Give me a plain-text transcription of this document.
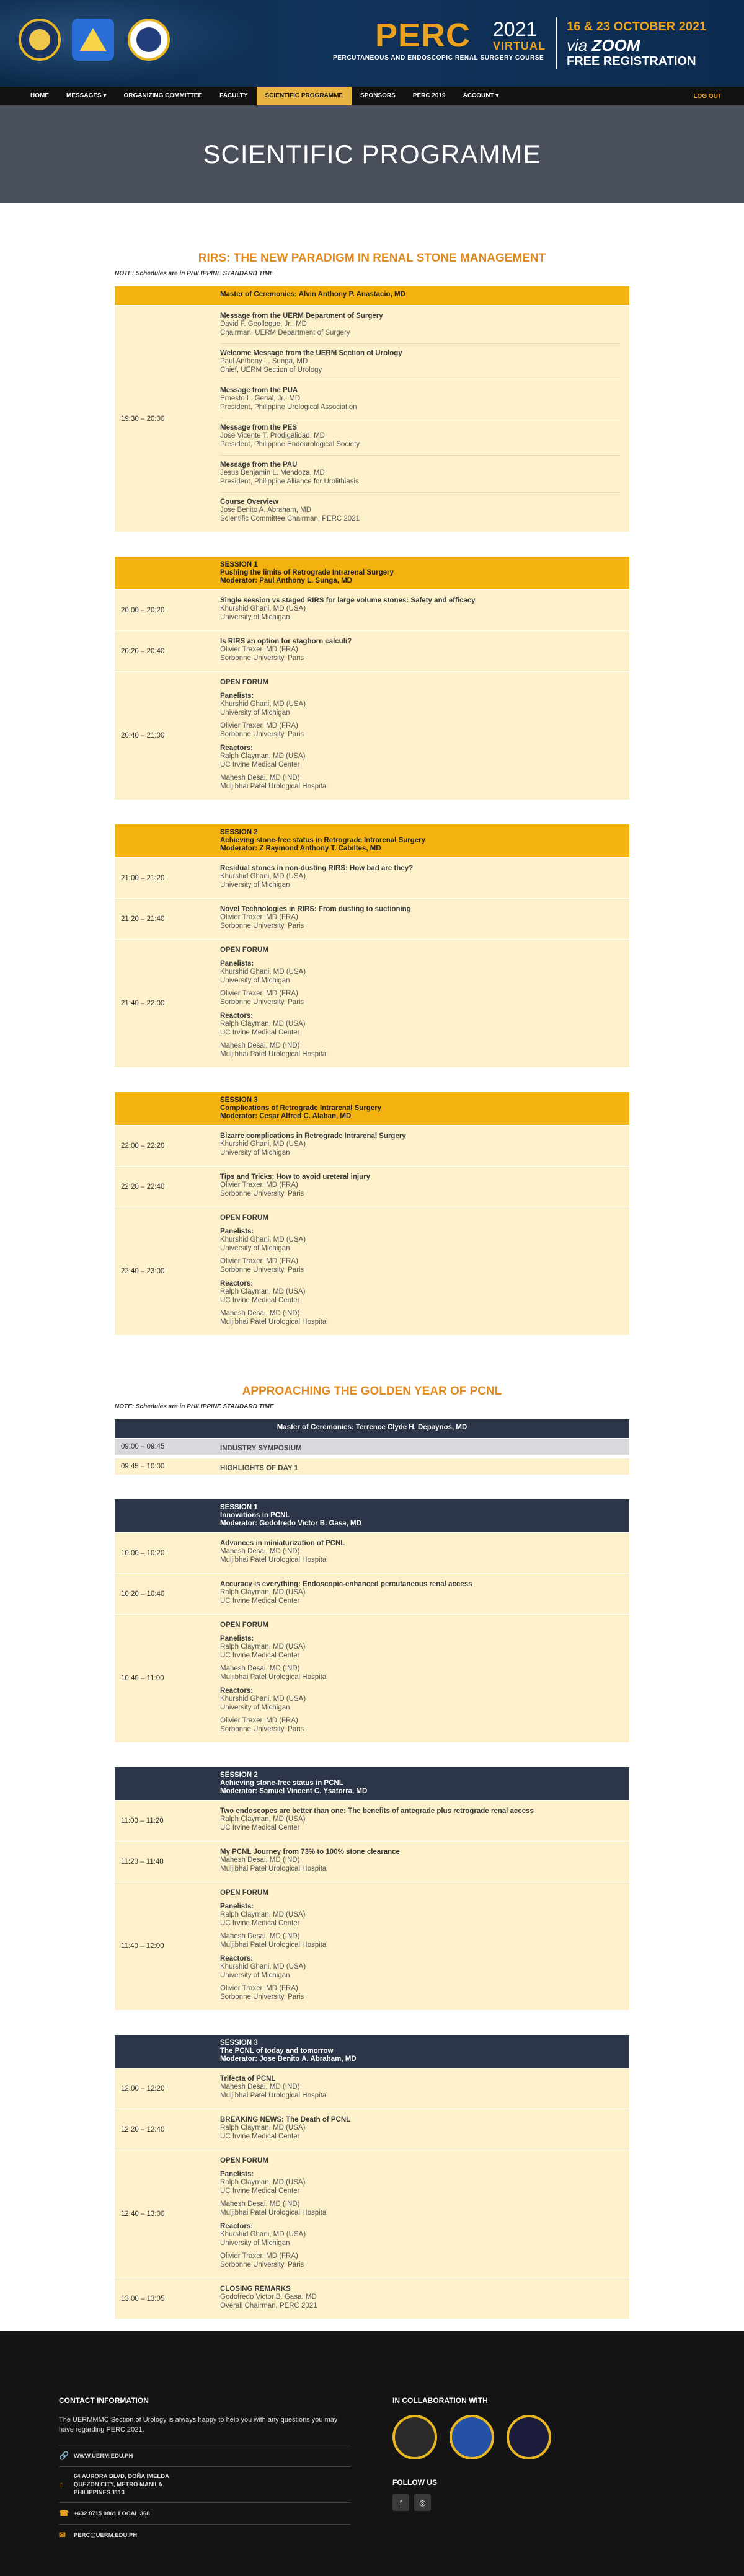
PERC 2021
VIRTUAL
PERCUTANEOUS AND ENDOSCOPIC RENAL SURGERY COURSE
16 & 23 OCTOBER 2021
via ZOOM
FREE REGISTRATION
HOME	MESSAGES ▾	ORGANIZING COMMITTEE	FACULTY	SCIENTIFIC PROGRAMME	SPONSORS	PERC 2019	ACCOUNT ▾	LOG OUT
SCIENTIFIC PROGRAMME
RIRS: THE NEW PARADIGM IN RENAL STONE MANAGEMENT
NOTE: Schedules are in PHILIPPINE STANDARD TIME
Master of Ceremonies: Alvin Anthony P. Anastacio, MD
19:30 – 20:00
Message from the UERM Department of Surgery
David F. Geollegue, Jr., MD
Chairman, UERM Department of Surgery
Welcome Message from the UERM Section of Urology
Paul Anthony L. Sunga, MD
Chief, UERM Section of Urology
Message from the PUA
Ernesto L. Gerial, Jr., MD
President, Philippine Urological Association
Message from the PES
Jose Vicente T. Prodigalidad, MD
President, Philippine Endourological Society
Message from the PAU
Jesus Benjamin L. Mendoza, MD
President, Philippine Alliance for Urolithiasis
Course Overview
Jose Benito A. Abraham, MD
Scientific Committee Chairman, PERC 2021
SESSION 1
Pushing the limits of Retrograde Intrarenal Surgery
Moderator: Paul Anthony L. Sunga, MD
20:00 – 20:20
Single session vs staged RIRS for large volume stones: Safety and efficacy
Khurshid Ghani, MD (USA)
University of Michigan
20:20 – 20:40
Is RIRS an option for staghorn calculi?
Olivier Traxer, MD (FRA)
Sorbonne University, Paris
20:40 – 21:00
OPEN FORUM
Panelists:
Khurshid Ghani, MD (USA)
University of Michigan
Olivier Traxer, MD (FRA)
Sorbonne University, Paris
Reactors:
Ralph Clayman, MD (USA)
UC Irvine Medical Center
Mahesh Desai, MD (IND)
Muljibhai Patel Urological Hospital
SESSION 2
Achieving stone-free status in Retrograde Intrarenal Surgery
Moderator: Z Raymond Anthony T. Cabiltes, MD
21:00 – 21:20
Residual stones in non-dusting RIRS: How bad are they?
Khurshid Ghani, MD (USA)
University of Michigan
21:20 – 21:40
Novel Technologies in RIRS: From dusting to suctioning
Olivier Traxer, MD (FRA)
Sorbonne University, Paris
21:40 – 22:00
OPEN FORUM
Panelists:
Khurshid Ghani, MD (USA)
University of Michigan
Olivier Traxer, MD (FRA)
Sorbonne University, Paris
Reactors:
Ralph Clayman, MD (USA)
UC Irvine Medical Center
Mahesh Desai, MD (IND)
Muljibhai Patel Urological Hospital
SESSION 3
Complications of Retrograde Intrarenal Surgery
Moderator: Cesar Alfred C. Alaban, MD
22:00 – 22:20
Bizarre complications in Retrograde Intrarenal Surgery
Khurshid Ghani, MD (USA)
University of Michigan
22:20 – 22:40
Tips and Tricks: How to avoid ureteral injury
Olivier Traxer, MD (FRA)
Sorbonne University, Paris
22:40 – 23:00
OPEN FORUM
Panelists:
Khurshid Ghani, MD (USA)
University of Michigan
Olivier Traxer, MD (FRA)
Sorbonne University, Paris
Reactors:
Ralph Clayman, MD (USA)
UC Irvine Medical Center
Mahesh Desai, MD (IND)
Muljibhai Patel Urological Hospital
APPROACHING THE GOLDEN YEAR OF PCNL
NOTE: Schedules are in PHILIPPINE STANDARD TIME
Master of Ceremonies: Terrence Clyde H. Depaynos, MD
09:00 – 09:45	INDUSTRY SYMPOSIUM
09:45 – 10:00	HIGHLIGHTS OF DAY 1
SESSION 1
Innovations in PCNL
Moderator: Godofredo Victor B. Gasa, MD
10:00 – 10:20
Advances in miniaturization of PCNL
Mahesh Desai, MD (IND)
Muljibhai Patel Urological Hospital
10:20 – 10:40
Accuracy is everything: Endoscopic-enhanced percutaneous renal access
Ralph Clayman, MD (USA)
UC Irvine Medical Center
10:40 – 11:00
OPEN FORUM
Panelists:
Ralph Clayman, MD (USA)
UC Irvine Medical Center
Mahesh Desai, MD (IND)
Muljibhai Patel Urological Hospital
Reactors:
Khurshid Ghani, MD (USA)
University of Michigan
Olivier Traxer, MD (FRA)
Sorbonne University, Paris
SESSION 2
Achieving stone-free status in PCNL
Moderator: Samuel Vincent C. Ysatorra, MD
11:00 – 11:20
Two endoscopes are better than one: The benefits of antegrade plus retrograde renal access
Ralph Clayman, MD (USA)
UC Irvine Medical Center
11:20 – 11:40
My PCNL Journey from 73% to 100% stone clearance
Mahesh Desai, MD (IND)
Muljibhai Patel Urological Hospital
11:40 – 12:00
OPEN FORUM
Panelists:
Ralph Clayman, MD (USA)
UC Irvine Medical Center
Mahesh Desai, MD (IND)
Muljibhai Patel Urological Hospital
Reactors:
Khurshid Ghani, MD (USA)
University of Michigan
Olivier Traxer, MD (FRA)
Sorbonne University, Paris
SESSION 3
The PCNL of today and tomorrow
Moderator: Jose Benito A. Abraham, MD
12:00 – 12:20
Trifecta of PCNL
Mahesh Desai, MD (IND)
Muljibhai Patel Urological Hospital
12:20 – 12:40
BREAKING NEWS: The Death of PCNL
Ralph Clayman, MD (USA)
UC Irvine Medical Center
12:40 – 13:00
OPEN FORUM
Panelists:
Ralph Clayman, MD (USA)
UC Irvine Medical Center
Mahesh Desai, MD (IND)
Muljibhai Patel Urological Hospital
Reactors:
Khurshid Ghani, MD (USA)
University of Michigan
Olivier Traxer, MD (FRA)
Sorbonne University, Paris
13:00 – 13:05
CLOSING REMARKS
Godofredo Victor B. Gasa, MD
Overall Chairman, PERC 2021
CONTACT INFORMATION

The UERMMMC Section of Urology is always happy to help you with any questions you may have regarding PERC 2021.

🔗 WWW.UERM.EDU.PH
⌂
64 AURORA BLVD, DOÑA IMELDA QUEZON CITY, METRO MANILA PHILIPPINES 1113
☎ +632 8715 0861 LOCAL 368
✉	PERC@UERM.EDU.PH
IN COLLABORATION WITH
FOLLOW US
f	◎
